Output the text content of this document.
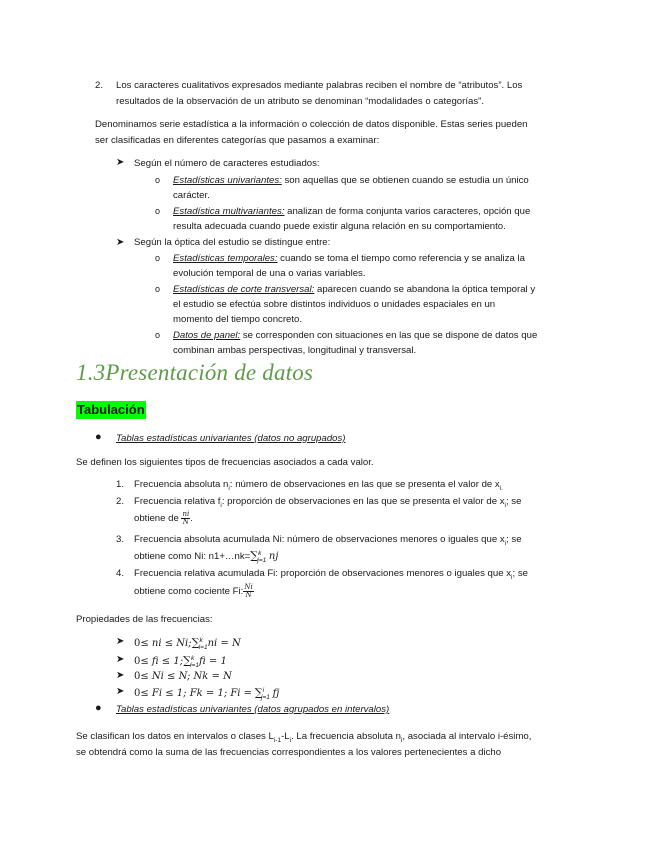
2. Los caracteres cualitativos expresados mediante palabras reciben el nombre de “atributos”. Los

resultados de la observación de un atributo se denominan “modalidades o categorías”.

Denominamos serie estadística a la información o colección de datos disponible. Estas series pueden

ser clasificadas en diferentes categorías que pasamos a examinar:

➤ Según el número de caracteres estudiados:

o Estadísticas univariantes: son aquellas que se obtienen cuando se estudia un único

carácter.

o Estadística multivariantes: analizan de forma conjunta varios caracteres, opción que

resulta adecuada cuando puede existir alguna relación en su comportamiento.

➤ Según la óptica del estudio se distingue entre:

o Estadísticas temporales: cuando se toma el tiempo como referencia y se analiza la

evolución temporal de una o varias variables.

o Estadísticas de corte transversal: aparecen cuando se abandona la óptica temporal y

el estudio se efectúa sobre distintos individuos o unidades espaciales en un

momento del tiempo concreto.

o Datos de panel: se corresponden con situaciones en las que se dispone de datos que

combinan ambas perspectivas, longitudinal y transversal.

1.3Presentación de datos

Tabulación

● Tablas estadísticas univariantes (datos no agrupados)

Se definen los siguientes tipos de frecuencias asociados a cada valor.

1. Frecuencia absoluta $n_i$: número de observaciones en las que se presenta el valor de $x_{i.}$

2. Frecuencia relativa $f_i$: proporción de observaciones en las que se presenta el valor de $x_i$; se

obtiene de $\frac{ni}{N}$ .

3. Frecuencia absoluta acumulada Ni: número de observaciones menores o iguales que $x_i$; se

obtiene como Ni: n1+…nk=∑$^k_{j=1}$ nj

4. Frecuencia relativa acumulada Fi: proporción de observaciones menores o iguales que $x_i$; se

obtiene como cociente Fi: $\frac{Ni}{N}$

Propiedades de las frecuencias:

➤ 0≤ ni ≤ Ni;∑$^k_{i=1}$ni = N

➤ 0≤ fi ≤ 1;∑$^k_{i=1}$fi = 1

➤ 0≤ Ni ≤ N; Nk = N

➤ 0≤ Fi ≤ 1; Fk = 1; Fi = ∑$^i_{j=1}$ fj

● Tablas estadísticas univariantes (datos agrupados en intervalos)

Se clasifican los datos en intervalos o clases $L_{i-1}-L_i$. La frecuencia absoluta $n_i$, asociada al intervalo i-ésimo,

se obtendrá como la suma de las frecuencias correspondientes a los valores pertenecientes a dicho
